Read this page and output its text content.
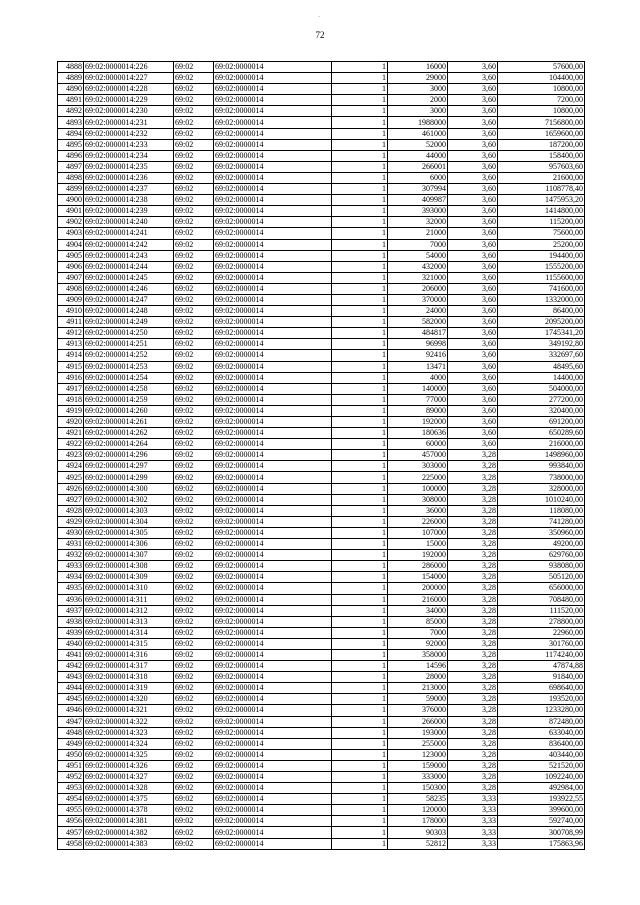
.
72
4888	69:02:0000014:226	69:02	69:02:0000014	1	16000	3,60	57600,00
4889	69:02:0000014:227	69:02	69:02:0000014	1	29000	3,60	104400,00
4890	69:02:0000014:228	69:02	69:02:0000014	1	3000	3,60	10800,00
4891	69:02:0000014:229	69:02	69:02:0000014	1	2000	3,60	7200,00
4892	69:02:0000014:230	69:02	69:02:0000014	1	3000	3,60	10800,00
4893	69:02:0000014:231	69:02	69:02:0000014	1	1988000	3,60	7156800,00
4894	69:02:0000014:232	69:02	69:02:0000014	1	461000	3,60	1659600,00
4895	69:02:0000014:233	69:02	69:02:0000014	1	52000	3,60	187200,00
4896	69:02:0000014:234	69:02	69:02:0000014	1	44000	3,60	158400,00
4897	69:02:0000014:235	69:02	69:02:0000014	1	266001	3,60	957603,60
4898	69:02:0000014:236	69:02	69:02:0000014	1	6000	3,60	21600,00
4899	69:02:0000014:237	69:02	69:02:0000014	1	307994	3,60	1108778,40
4900	69:02:0000014:238	69:02	69:02:0000014	1	409987	3,60	1475953,20
4901	69:02:0000014:239	69:02	69:02:0000014	1	393000	3,60	1414800,00
4902	69:02:0000014:240	69:02	69:02:0000014	1	32000	3,60	115200,00
4903	69:02:0000014:241	69:02	69:02:0000014	1	21000	3,60	75600,00
4904	69:02:0000014:242	69:02	69:02:0000014	1	7000	3,60	25200,00
4905	69:02:0000014:243	69:02	69:02:0000014	1	54000	3,60	194400,00
4906	69:02:0000014:244	69:02	69:02:0000014	1	432000	3,60	1555200,00
4907	69:02:0000014:245	69:02	69:02:0000014	1	321000	3,60	1155600,00
4908	69:02:0000014:246	69:02	69:02:0000014	1	206000	3,60	741600,00
4909	69:02:0000014:247	69:02	69:02:0000014	1	370000	3,60	1332000,00
4910	69:02:0000014:248	69:02	69:02:0000014	1	24000	3,60	86400,00
4911	69:02:0000014:249	69:02	69:02:0000014	1	582000	3,60	2095200,00
4912	69:02:0000014:250	69:02	69:02:0000014	1	484817	3,60	1745341,20
4913	69:02:0000014:251	69:02	69:02:0000014	1	96998	3,60	349192,80
4914	69:02:0000014:252	69:02	69:02:0000014	1	92416	3,60	332697,60
4915	69:02:0000014:253	69:02	69:02:0000014	1	13471	3,60	48495,60
4916	69:02:0000014:254	69:02	69:02:0000014	1	4000	3,60	14400,00
4917	69:02:0000014:258	69:02	69:02:0000014	1	140000	3,60	504000,00
4918	69:02:0000014:259	69:02	69:02:0000014	1	77000	3,60	277200,00
4919	69:02:0000014:260	69:02	69:02:0000014	1	89000	3,60	320400,00
4920	69:02:0000014:261	69:02	69:02:0000014	1	192000	3,60	691200,00
4921	69:02:0000014:262	69:02	69:02:0000014	1	180636	3,60	650289,60
4922	69:02:0000014:264	69:02	69:02:0000014	1	60000	3,60	216000,00
4923	69:02:0000014:296	69:02	69:02:0000014	1	457000	3,28	1498960,00
4924	69:02:0000014:297	69:02	69:02:0000014	1	303000	3,28	993840,00
4925	69:02:0000014:299	69:02	69:02:0000014	1	225000	3,28	738000,00
4926	69:02:0000014:300	69:02	69:02:0000014	1	100000	3,28	328000,00
4927	69:02:0000014:302	69:02	69:02:0000014	1	308000	3,28	1010240,00
4928	69:02:0000014:303	69:02	69:02:0000014	1	36000	3,28	118080,00
4929	69:02:0000014:304	69:02	69:02:0000014	1	226000	3,28	741280,00
4930	69:02:0000014:305	69:02	69:02:0000014	1	107000	3,28	350960,00
4931	69:02:0000014:306	69:02	69:02:0000014	1	15000	3,28	49200,00
4932	69:02:0000014:307	69:02	69:02:0000014	1	192000	3,28	629760,00
4933	69:02:0000014:308	69:02	69:02:0000014	1	286000	3,28	938080,00
4934	69:02:0000014:309	69:02	69:02:0000014	1	154000	3,28	505120,00
4935	69:02:0000014:310	69:02	69:02:0000014	1	200000	3,28	656000,00
4936	69:02:0000014:311	69:02	69:02:0000014	1	216000	3,28	708480,00
4937	69:02:0000014:312	69:02	69:02:0000014	1	34000	3,28	111520,00
4938	69:02:0000014:313	69:02	69:02:0000014	1	85000	3,28	278800,00
4939	69:02:0000014:314	69:02	69:02:0000014	1	7000	3,28	22960,00
4940	69:02:0000014:315	69:02	69:02:0000014	1	92000	3,28	301760,00
4941	69:02:0000014:316	69:02	69:02:0000014	1	358000	3,28	1174240,00
4942	69:02:0000014:317	69:02	69:02:0000014	1	14596	3,28	47874,88
4943	69:02:0000014:318	69:02	69:02:0000014	1	28000	3,28	91840,00
4944	69:02:0000014:319	69:02	69:02:0000014	1	213000	3,28	698640,00
4945	69:02:0000014:320	69:02	69:02:0000014	1	59000	3,28	193520,00
4946	69:02:0000014:321	69:02	69:02:0000014	1	376000	3,28	1233280,00
4947	69:02:0000014:322	69:02	69:02:0000014	1	266000	3,28	872480,00
4948	69:02:0000014:323	69:02	69:02:0000014	1	193000	3,28	633040,00
4949	69:02:0000014:324	69:02	69:02:0000014	1	255000	3,28	836400,00
4950	69:02:0000014:325	69:02	69:02:0000014	1	123000	3,28	403440,00
4951	69:02:0000014:326	69:02	69:02:0000014	1	159000	3,28	521520,00
4952	69:02:0000014:327	69:02	69:02:0000014	1	333000	3,28	1092240,00
4953	69:02:0000014:328	69:02	69:02:0000014	1	150300	3,28	492984,00
4954	69:02:0000014:375	69:02	69:02:0000014	1	58235	3,33	193922,55
4955	69:02:0000014:378	69:02	69:02:0000014	1	120000	3,33	399600,00
4956	69:02:0000014:381	69:02	69:02:0000014	1	178000	3,33	592740,00
4957	69:02:0000014:382	69:02	69:02:0000014	1	90303	3,33	300708,99
4958	69:02:0000014:383	69:02	69:02:0000014	1	52812	3,33	175863,96
